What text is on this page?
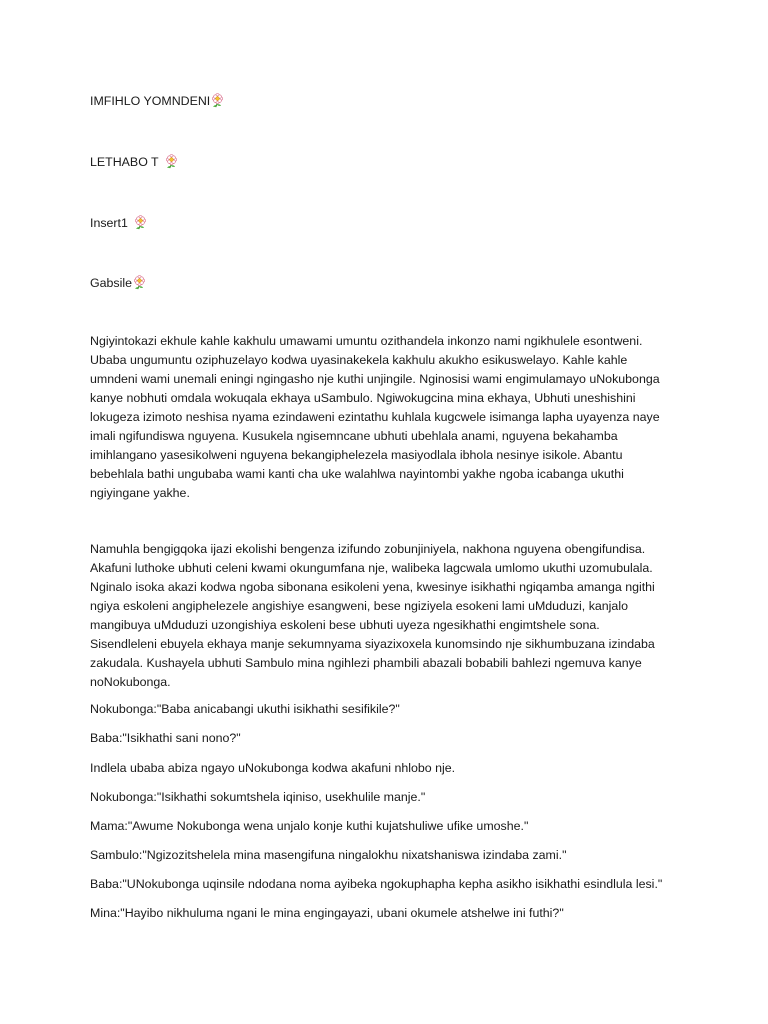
IMFIHLO YOMNDENI
LETHABO T
Insert1
Gabsile
Ngiyintokazi ekhule kahle kakhulu umawami umuntu ozithandela inkonzo nami ngikhulele esontweni.
Ubaba ungumuntu oziphuzelayo kodwa uyasinakekela kakhulu akukho esikuswelayo. Kahle kahle
umndeni wami unemali eningi ngingasho nje kuthi unjingile. Nginosisi wami engimulamayo uNokubonga
kanye nobhuti omdala wokuqala ekhaya uSambulo. Ngiwokugcina mina ekhaya, Ubhuti uneshishini
lokugeza izimoto neshisa nyama ezindaweni ezintathu kuhlala kugcwele isimanga lapha uyayenza naye
imali ngifundiswa nguyena. Kusukela ngisemncane ubhuti ubehlala anami, nguyena bekahamba
imihlangano yasesikolweni nguyena bekangiphelezela masiyodlala ibhola nesinye isikole. Abantu
bebehlala bathi ungubaba wami kanti cha uke walahlwa nayintombi yakhe ngoba icabanga ukuthi
ngiyingane yakhe.
Namuhla bengigqoka ijazi ekolishi bengenza izifundo zobunjiniyela, nakhona nguyena obengifundisa.
Akafuni luthoke ubhuti celeni kwami okungumfana nje, walibeka lagcwala umlomo ukuthi uzomubulala.
Nginalo isoka akazi kodwa ngoba sibonana esikoleni yena, kwesinye isikhathi ngiqamba amanga ngithi
ngiya eskoleni angiphelezele angishiye esangweni, bese ngiziyela esokeni lami uMduduzi, kanjalo
mangibuya uMduduzi uzongishiya eskoleni bese ubhuti uyeza ngesikhathi engimtshele sona.
Sisendleleni ebuyela ekhaya manje sekumnyama siyazixoxela kunomsindo nje sikhumbuzana izindaba
zakudala. Kushayela ubhuti Sambulo mina ngihlezi phambili abazali bobabili bahlezi ngemuva kanye
noNokubonga.
Nokubonga:"Baba anicabangi ukuthi isikhathi sesifikile?"
Baba:"Isikhathi sani nono?"
Indlela ubaba abiza ngayo uNokubonga kodwa akafuni nhlobo nje.
Nokubonga:"Isikhathi sokumtshela iqiniso, usekhulile manje."
Mama:"Awume Nokubonga wena unjalo konje kuthi kujatshuliwe ufike umoshe."
Sambulo:"Ngizozitshelela mina masengifuna ningalokhu nixatshaniswa izindaba zami."
Baba:"UNokubonga uqinsile ndodana noma ayibeka ngokuphapha kepha asikho isikhathi esindlula lesi."
Mina:"Hayibo nikhuluma ngani le mina engingayazi, ubani okumele atshelwe ini futhi?"
